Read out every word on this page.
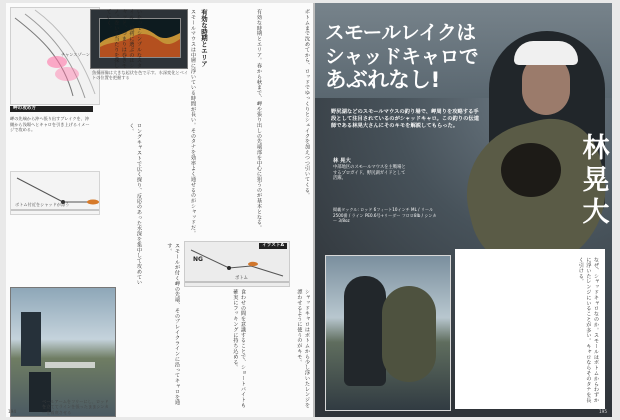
チャンスゾーン
魚探画像は大きな起伏を色で示す。水深変化とベイトの位置を把握する
岬の攻め方
岬の先端から沖へ張り出すブレイクを、沖側から浅場へとキャロを引き上げるイメージで攻める。
ボトム付近をシャッドが漂う
いたってシンプルなスタイル。最初に選ぶのはシャッド、つまりは巻きモノ。巻いて当たりを探していく。	有効な時期とエリア
スモールマウスは中層に浮いている時間が長い。そのタナを効率よく通せるのがシャッドだ。	有効な時期とエリア。春から秋まで、岬や張り出しの先端部を中心に狙うのが基本となる。	ボトムまで沈めてから、ロッドでゆっくりとシェイクを加えつつ引いてくる。
ロングキャストで広く探り、反応のあった水深を集中して攻めていく。
スモールが付く岬の先端、そのブレイクラインに沿ってキャロを通す。	イラストA
NG
ボトム
食わせの間を意識することで、ショートバイトも確実にフッキングに持ち込める。	シャッドキャロはボトムから少し浮いたレンジを漂わせるように使うのがキモ。
ベールアームをフリーにし、ロッドを立ててラインを張ったままシンカーを着底させる
194
スモールレイクは
シャッドキャロで
あぶれなし!
野尻湖などのスモールマウスの釣り場で、岬周りを攻略する手段として注目されているのがシャッドキャロ。この釣りの伝道師である林晃大さんにそのキモを解説してもらった。
林 晃大
中部地区のスモールマウスを主戦場とするプロガイド。野尻湖ガイドとして活躍。
掲載タックル: ロッド 6フィート10インチ ML / リール 2500番 / ライン PE0.6号+リーダー フロロ8lb / シンカー 3/8oz
林
晃
大
なぜ、シャッドキャロなのか。スモールはボトムからわずかに浮いたレンジにいることが多い。キャロならそのタナを長く引ける。
195
